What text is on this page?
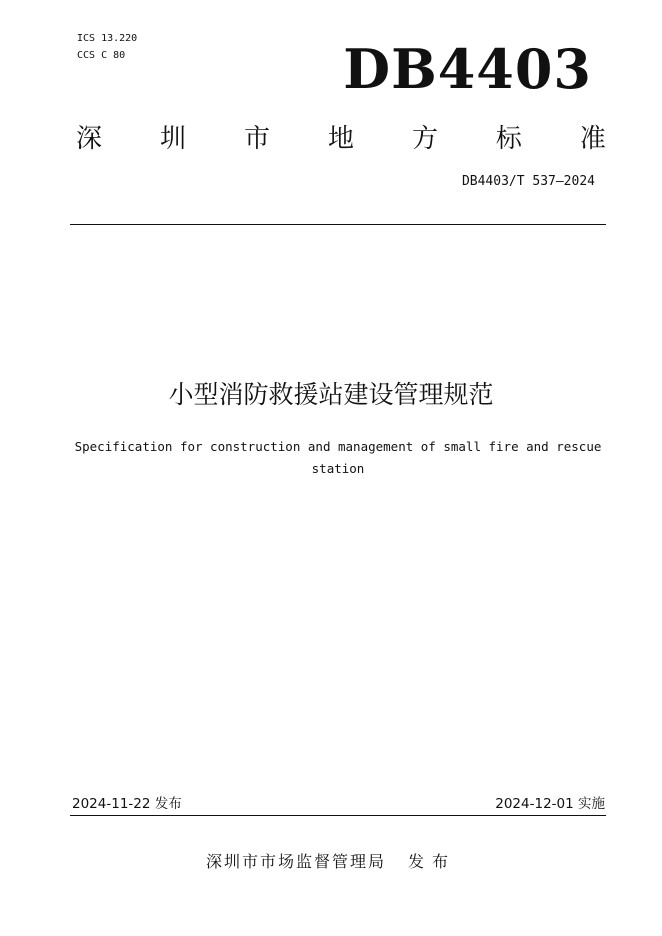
ICS 13.220
CCS C 80	DB4403
深 圳 市 地 方 标 准
DB4403/T 537—2024
小型消防救援站建设管理规范
Specification for construction and management of small fire and rescue station
2024-11-22 发布	2024-12-01 实施
深圳市市场监督管理局 发布
